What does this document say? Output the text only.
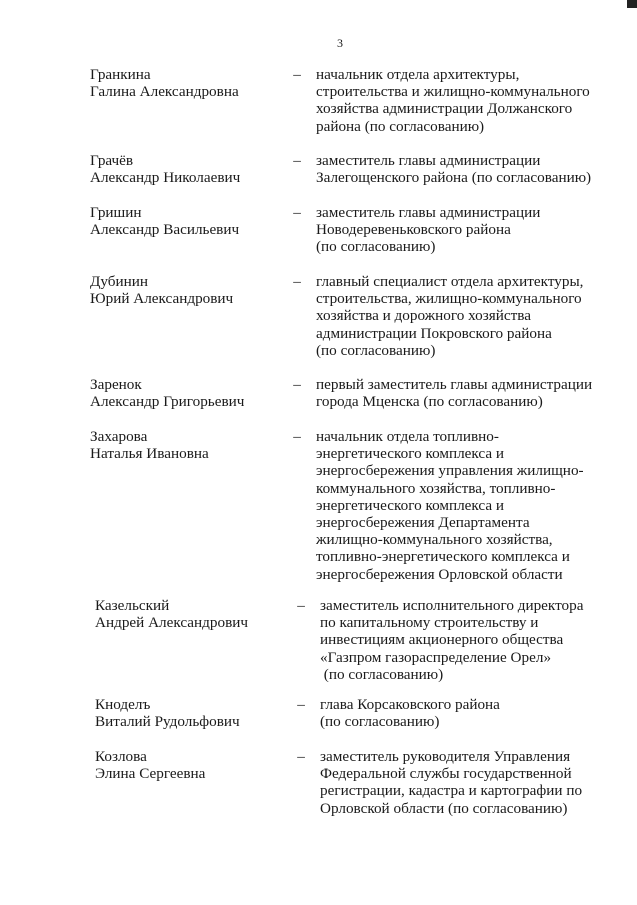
3
Гранкина
Галина Александровна
– начальник отдела архитектуры,
строительства и жилищно-коммунального
хозяйства администрации Должанского
района (по согласованию)
Грачёв
Александр Николаевич
– заместитель главы администрации
Залегощенского района (по согласованию)
Гришин
Александр Васильевич
– заместитель главы администрации
Новодеревеньковского района
(по согласованию)
Дубинин
Юрий Александрович
– главный специалист отдела архитектуры,
строительства, жилищно-коммунального
хозяйства и дорожного хозяйства
администрации Покровского района
(по согласованию)
Заренок
Александр Григорьевич
– первый заместитель главы администрации
города Мценска (по согласованию)
Захарова
Наталья Ивановна
– начальник отдела топливно-
энергетического комплекса и
энергосбережения управления жилищно-
коммунального хозяйства, топливно-
энергетического комплекса и
энергосбережения Департамента
жилищно-коммунального хозяйства,
топливно-энергетического комплекса и
энергосбережения Орловской области
Казельский
Андрей Александрович
– заместитель исполнительного директора
по капитальному строительству и
инвестициям акционерного общества
«Газпром газораспределение Орел»
(по согласованию)
Кноделъ
Виталий Рудольфович
– глава Корсаковского района
(по согласованию)
Козлова
Элина Сергеевна
– заместитель руководителя Управления
Федеральной службы государственной
регистрации, кадастра и картографии по
Орловской области (по согласованию)
